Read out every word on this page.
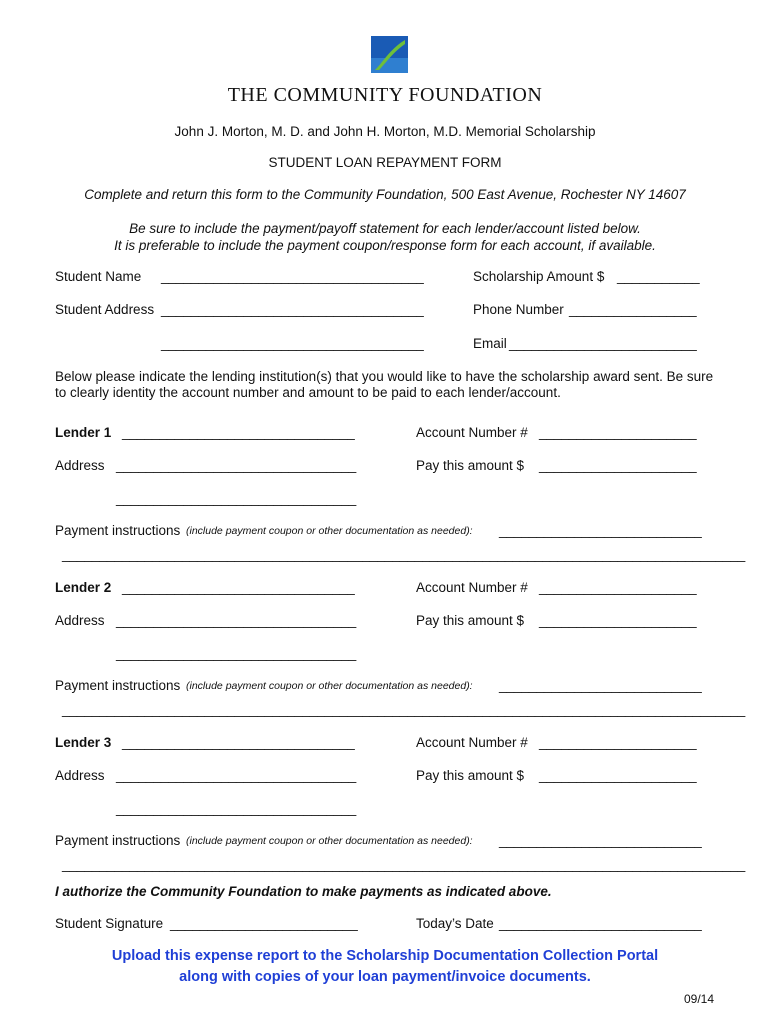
THE COMMUNITY FOUNDATION
John J. Morton, M. D. and John H. Morton, M.D. Memorial Scholarship
STUDENT LOAN REPAYMENT FORM
Complete and return this form to the Community Foundation, 500 East Avenue, Rochester NY 14607
Be sure to include the payment/payoff statement for each lender/account listed below.
It is preferable to include the payment coupon/response form for each account, if available.
Student Name ___________________________________	Scholarship Amount $ ___________
Student Address ___________________________________	Phone Number _________________
___________________________________	Email _________________________
Below please indicate the lending institution(s) that you would like to have the scholarship award sent. Be sure to clearly identity the account number and amount to be paid to each lender/account.
Lender 1 _______________________________	Account Number # _____________________
Address ________________________________	Pay this amount $ _____________________
________________________________
Payment instructions (include payment coupon or other documentation as needed): ___________________________
___________________________________________________________________________________________
Lender 2 _______________________________	Account Number # _____________________
Address ________________________________	Pay this amount $ _____________________
________________________________
Payment instructions (include payment coupon or other documentation as needed): ___________________________
___________________________________________________________________________________________
Lender 3 _______________________________	Account Number # _____________________
Address ________________________________	Pay this amount $ _____________________
________________________________
Payment instructions (include payment coupon or other documentation as needed): ___________________________
___________________________________________________________________________________________
I authorize the Community Foundation to make payments as indicated above.
Student Signature _________________________	Today’s Date ___________________________
Upload this expense report to the Scholarship Documentation Collection Portal
along with copies of your loan payment/invoice documents.
09/14
